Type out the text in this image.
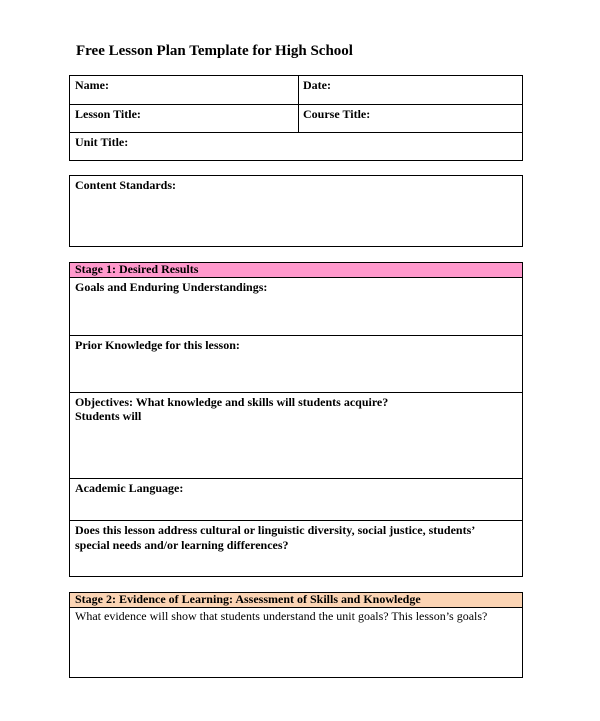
Free Lesson Plan Template for High School
Name:	Date:
Lesson Title:	Course Title:
Unit Title:
Content Standards:
Stage 1: Desired Results
Goals and Enduring Understandings:
Prior Knowledge for this lesson:
Objectives: What knowledge and skills will students acquire?
Students will
Academic Language:
Does this lesson address cultural or linguistic diversity, social justice, students’
special needs and/or learning differences?
Stage 2: Evidence of Learning: Assessment of Skills and Knowledge
What evidence will show that students understand the unit goals? This lesson’s goals?
